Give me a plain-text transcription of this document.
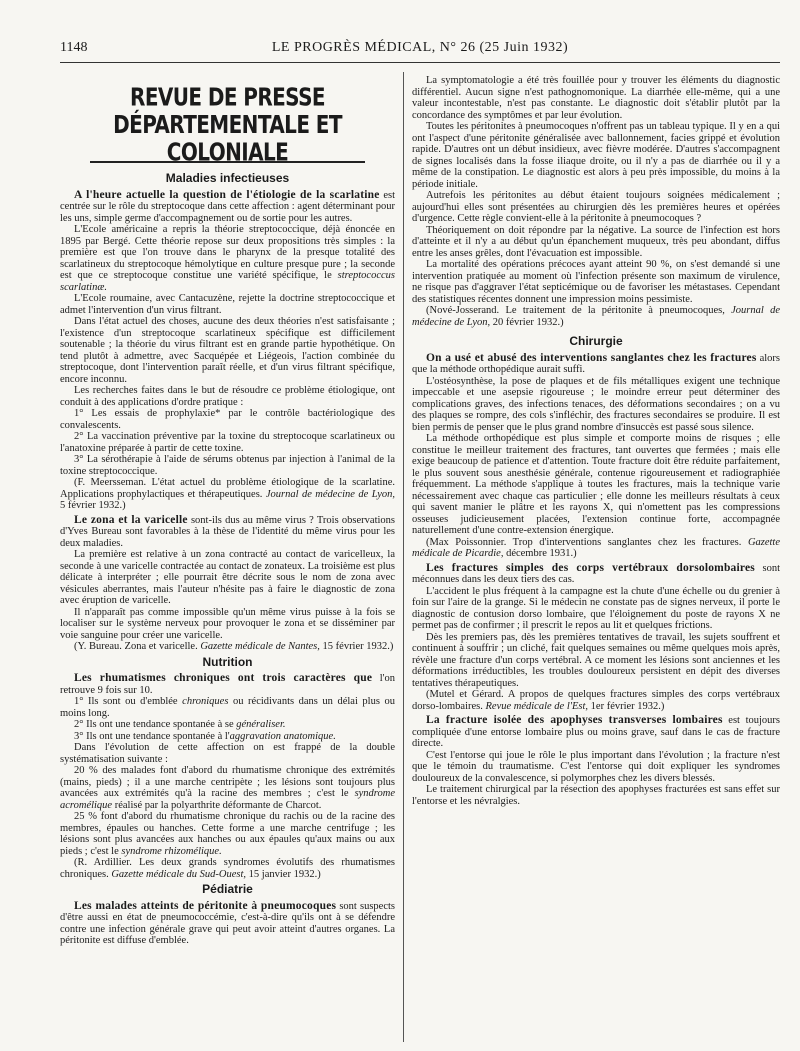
1148	LE PROGRÈS MÉDICAL, N° 26 (25 Juin 1932)
REVUE DE PRESSE DÉPARTEMENTALE ET COLONIALE
Maladies infectieuses

A l'heure actuelle la question de l'étiologie de la scarlatine est centrée sur le rôle du streptocoque dans cette affection : agent déterminant pour les uns, simple germe d'accompagnement ou de sortie pour les autres.

L'Ecole américaine a repris la théorie streptococcique, déjà énoncée en 1895 par Bergé. Cette théorie repose sur deux propositions très simples : la première est que l'on trouve dans le pharynx de la presque totalité des scarlatineux du streptocoque hémolytique en culture presque pure ; la seconde est que ce streptocoque constitue une variété spécifique, le streptococcus scarlatinæ.

L'Ecole roumaine, avec Cantacuzène, rejette la doctrine streptococcique et admet l'intervention d'un virus filtrant.

Dans l'état actuel des choses, aucune des deux théories n'est satisfaisante ; l'existence d'un streptocoque scarlatineux spécifique est difficilement soutenable ; la théorie du virus filtrant est en grande partie hypothétique. On tend plutôt à admettre, avec Sacquépée et Liégeois, l'action combinée du streptocoque, dont l'intervention paraît réelle, et d'un virus filtrant spécifique, encore inconnu.

Les recherches faites dans le but de résoudre ce problème étiologique, ont conduit à des applications d'ordre pratique :

1° Les essais de prophylaxie* par le contrôle bactériologique des convalescents.

2° La vaccination préventive par la toxine du streptocoque scarlatineux ou l'anatoxine préparée à partir de cette toxine.

3° La sérothérapie à l'aide de sérums obtenus par injection à l'animal de la toxine streptococcique.

(F. Meersseman. L'état actuel du problème étiologique de la scarlatine. Applications prophylactiques et thérapeutiques. Journal de médecine de Lyon, 5 février 1932.)

Le zona et la varicelle sont-ils dus au même virus ? Trois observations d'Yves Bureau sont favorables à la thèse de l'identité du même virus pour les deux maladies.

La première est relative à un zona contracté au contact de varicelleux, la seconde à une varicelle contractée au contact de zonateux. La troisième est plus délicate à interpréter ; elle pourrait être décrite sous le nom de zona avec vésicules aberrantes, mais l'auteur n'hésite pas à faire le diagnostic de zona avec éruption de varicelle.

Il n'apparaît pas comme impossible qu'un même virus puisse à la fois se localiser sur le système nerveux pour provoquer le zona et se disséminer par voie sanguine pour créer une varicelle.

(Y. Bureau. Zona et varicelle. Gazette médicale de Nantes, 15 février 1932.)

Nutrition

Les rhumatismes chroniques ont trois caractères que l'on retrouve 9 fois sur 10.

1° Ils sont ou d'emblée chroniques ou récidivants dans un délai plus ou moins long.

2° Ils ont une tendance spontanée à se généraliser.

3° Ils ont une tendance spontanée à l'aggravation anatomique.

Dans l'évolution de cette affection on est frappé de la double systématisation suivante :

20 % des malades font d'abord du rhumatisme chronique des extrémités (mains, pieds) ; il a une marche centripète ; les lésions sont toujours plus avancées aux extrémités qu'à la racine des membres ; c'est le syndrome acromélique réalisé par la polyarthrite déformante de Charcot.

25 % font d'abord du rhumatisme chronique du rachis ou de la racine des membres, épaules ou hanches. Cette forme a une marche centrifuge ; les lésions sont plus avancées aux hanches ou aux épaules qu'aux mains ou aux pieds ; c'est le syndrome rhizomélique.

(R. Ardillier. Les deux grands syndromes évolutifs des rhumatismes chroniques. Gazette médicale du Sud-Ouest, 15 janvier 1932.)

Pédiatrie

Les malades atteints de péritonite à pneumocoques sont suspects d'être aussi en état de pneumococcémie, c'est-à-dire qu'ils ont à se défendre contre une infection générale grave qui peut avoir atteint d'autres organes. La péritonite est diffuse d'emblée.

La symptomatologie a été très fouillée pour y trouver les éléments du diagnostic différentiel. Aucun signe n'est pathognomonique. La diarrhée elle-même, qui a une valeur incontestable, n'est pas constante. Le diagnostic doit s'établir plutôt par la concordance des symptômes et par leur évolution.

Toutes les péritonites à pneumocoques n'offrent pas un tableau typique. Il y en a qui ont l'aspect d'une péritonite généralisée avec ballonnement, facies grippé et évolution rapide. D'autres ont un début insidieux, avec fièvre modérée. D'autres s'accompagnent de signes localisés dans la fosse iliaque droite, ou il n'y a pas de diarrhée ou il y a même de la constipation. Le diagnostic est alors à peu près impossible, du moins à la période initiale.

Autrefois les péritonites au début étaient toujours soignées médicalement ; aujourd'hui elles sont présentées au chirurgien dès les premières heures et opérées d'urgence. Cette règle convient-elle à la péritonite à pneumocoques ?

Théoriquement on doit répondre par la négative. La source de l'infection est hors d'atteinte et il n'y a au début qu'un épanchement muqueux, très peu abondant, diffus entre les anses grêles, dont l'évacuation est impossible.

La mortalité des opérations précoces ayant atteint 90 %, on s'est demandé si une intervention pratiquée au moment où l'infection présente son maximum de virulence, ne risque pas d'aggraver l'état septicémique ou de favoriser les métastases. Cependant des statistiques récentes donnent une impression moins pessimiste.

(Nové-Josserand. Le traitement de la péritonite à pneumocoques, Journal de médecine de Lyon, 20 février 1932.)

Chirurgie

On a usé et abusé des interventions sanglantes chez les fractures alors que la méthode orthopédique aurait suffi.

L'ostéosynthèse, la pose de plaques et de fils métalliques exigent une technique impeccable et une asepsie rigoureuse ; le moindre erreur peut déterminer des complications graves, des infections tenaces, des déformations secondaires ; on a vu des plaques se rompre, des cols s'infléchir, des fractures secondaires se produire. Il est bien permis de penser que le plus grand nombre d'insuccès est passé sous silence.

La méthode orthopédique est plus simple et comporte moins de risques ; elle constitue le meilleur traitement des fractures, tant ouvertes que fermées ; mais elle exige beaucoup de patience et d'attention. Toute fracture doit être réduite parfaitement, le plus souvent sous anesthésie générale, contenue rigoureusement et radiographiée fréquemment. La méthode s'applique à toutes les fractures, mais la technique varie nécessairement avec chaque cas particulier ; elle donne les meilleurs résultats à ceux qui savent manier le plâtre et les rayons X, qui n'omettent pas les compressions osseuses judicieusement placées, l'extension continue forte, accompagnée naturellement d'une contre-extension énergique.

(Max Poissonnier. Trop d'interventions sanglantes chez les fractures. Gazette médicale de Picardie, décembre 1931.)

Les fractures simples des corps vertébraux dorsolombaires sont méconnues dans les deux tiers des cas.

L'accident le plus fréquent à la campagne est la chute d'une échelle ou du grenier à foin sur l'aire de la grange. Si le médecin ne constate pas de signes nerveux, il porte le diagnostic de contusion dorso lombaire, que l'éloignement du poste de rayons X ne permet pas de confirmer ; il prescrit le repos au lit et quelques frictions.

Dès les premiers pas, dès les premières tentatives de travail, les sujets souffrent et continuent à souffrir ; un cliché, fait quelques semaines ou même quelques mois après, révèle une fracture d'un corps vertébral. A ce moment les lésions sont anciennes et les déformations irréductibles, les troubles douloureux persistent en dépit des diverses tentatives thérapeutiques.

(Mutel et Gérard. A propos de quelques fractures simples des corps vertébraux dorso-lombaires. Revue médicale de l'Est, 1er février 1932.)

La fracture isolée des apophyses transverses lombaires est toujours compliquée d'une entorse lombaire plus ou moins grave, sauf dans le cas de fracture directe.

C'est l'entorse qui joue le rôle le plus important dans l'évolution ; la fracture n'est que le témoin du traumatisme. C'est l'entorse qui doit expliquer les syndromes douloureux de la convalescence, si polymorphes chez les divers blessés.

Le traitement chirurgical par la résection des apophyses fracturées est sans effet sur l'entorse et les névralgies.
